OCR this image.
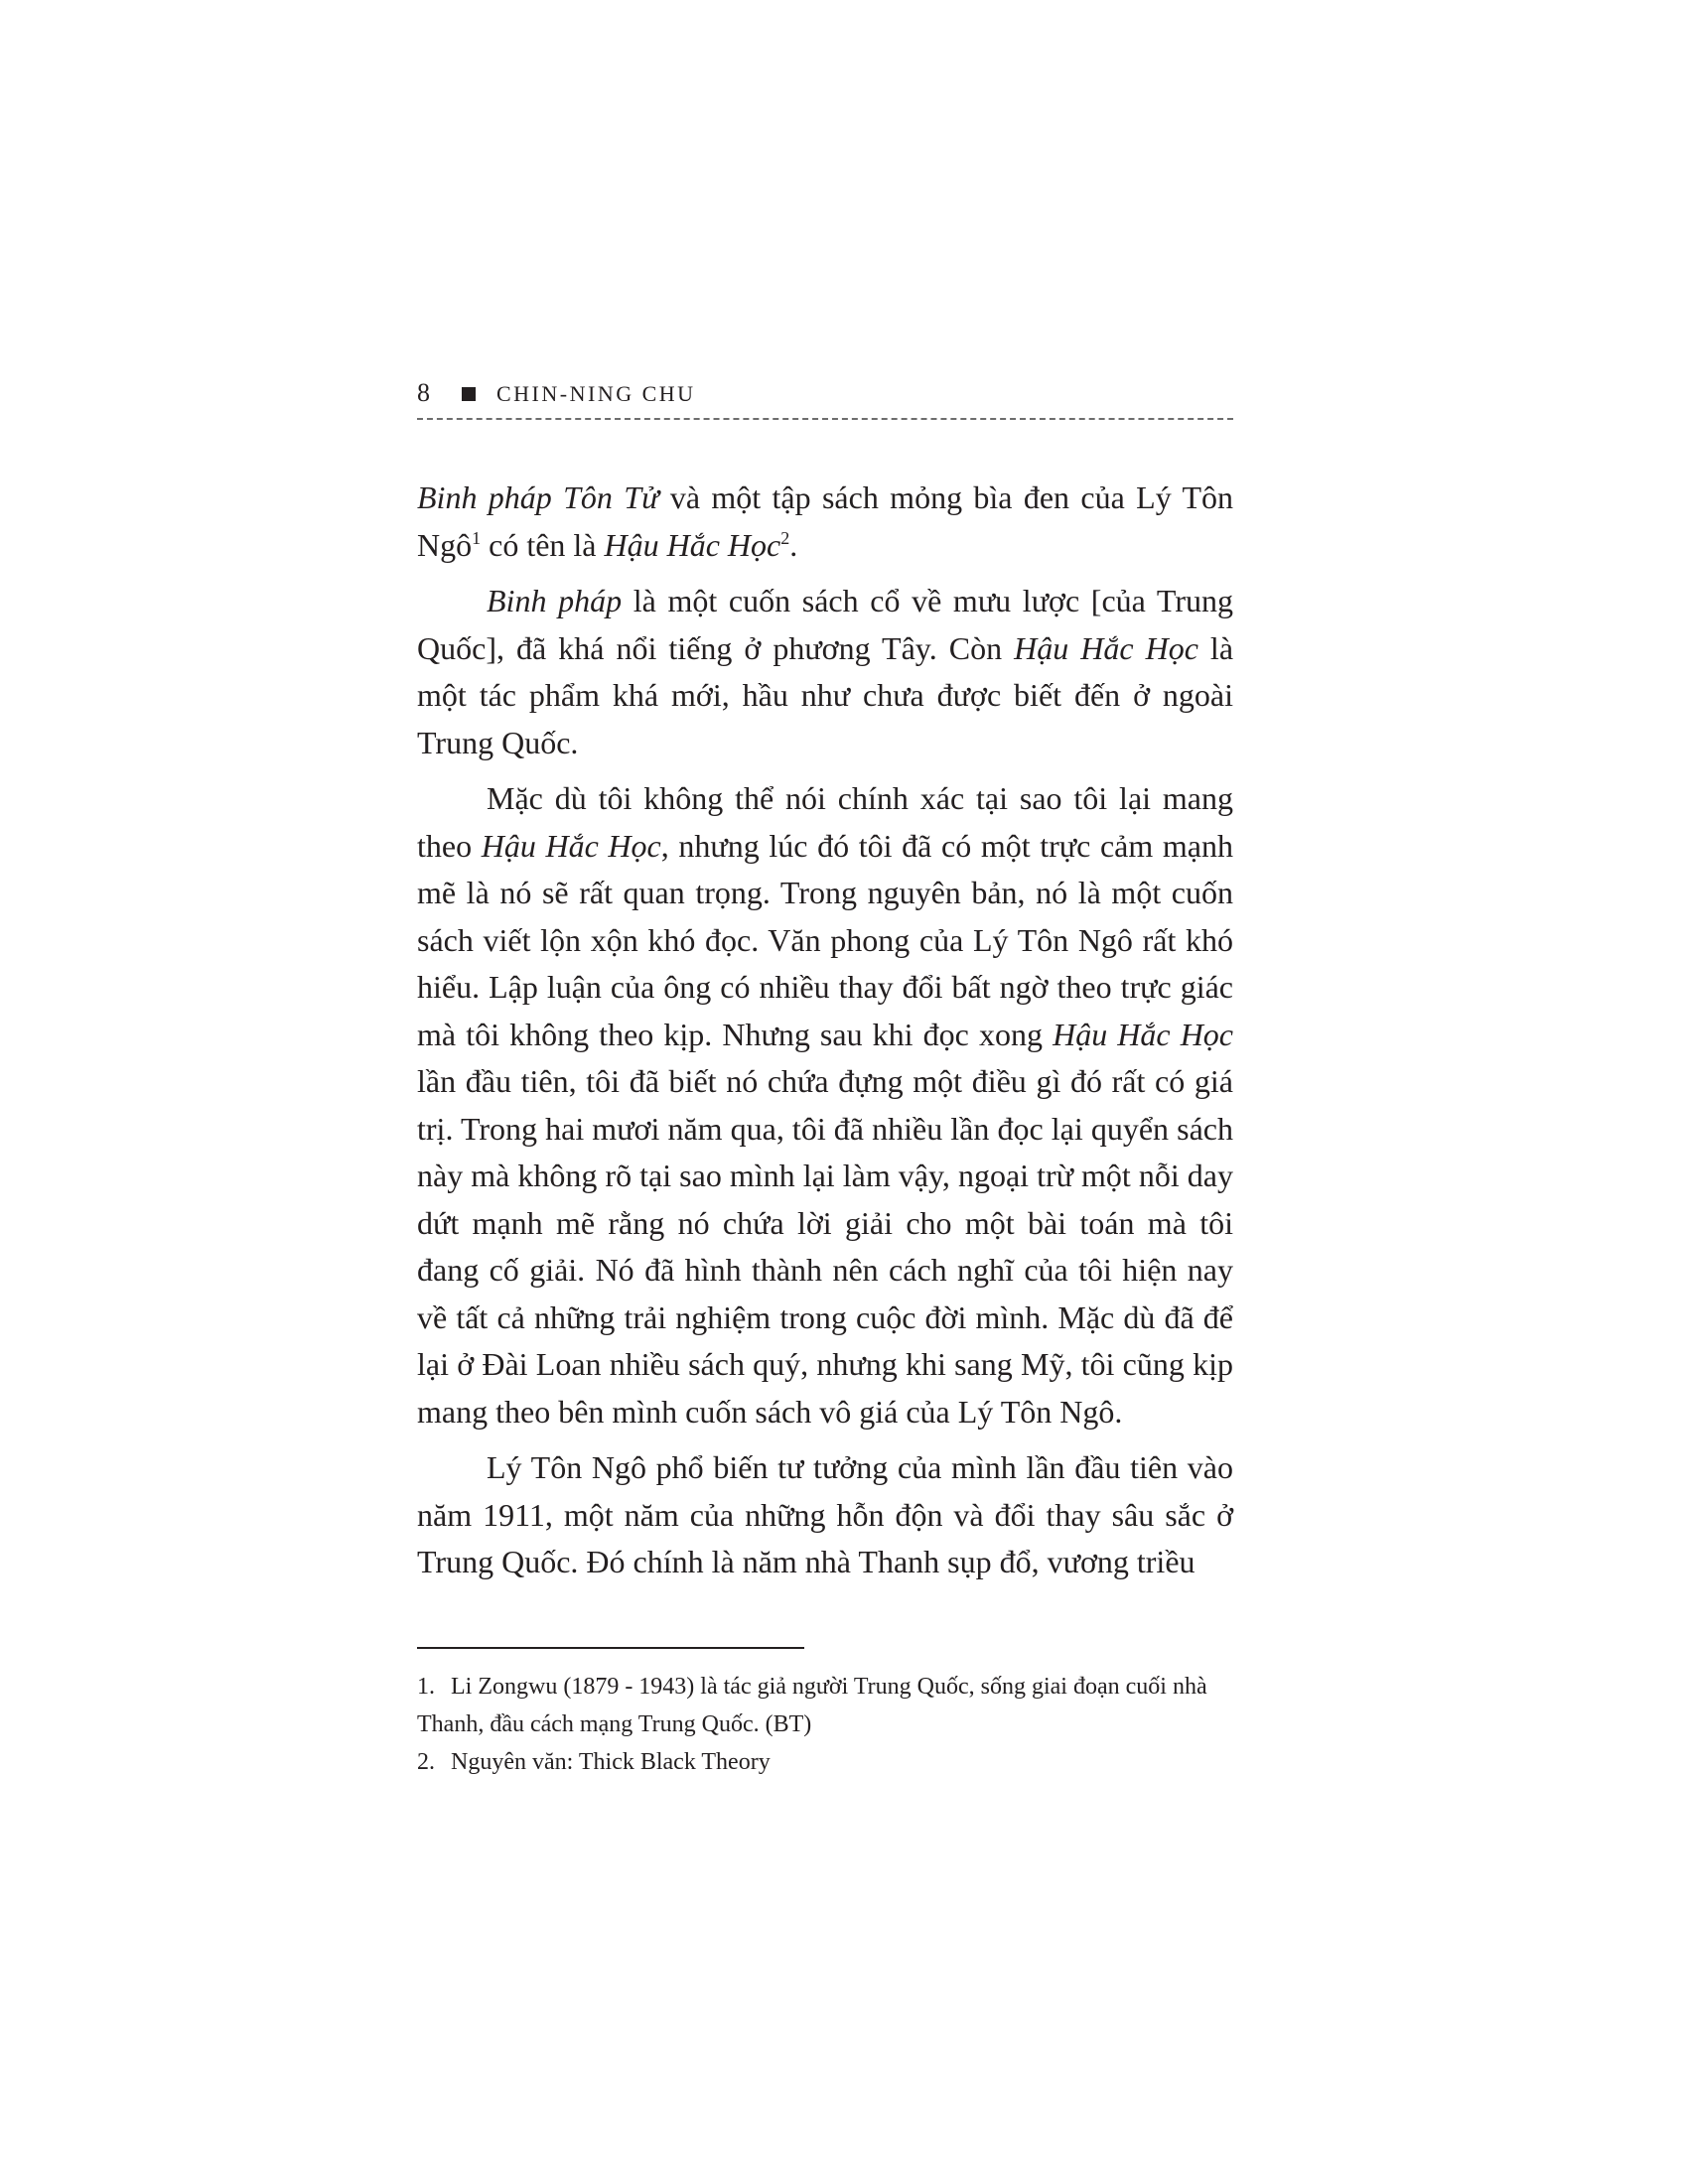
8	CHIN-NING CHU

Binh pháp Tôn Tử và một tập sách mỏng bìa đen của Lý Tôn Ngô$^1$ có tên là Hậu Hắc Học$^2$.

Binh pháp là một cuốn sách cổ về mưu lược [của Trung Quốc], đã khá nổi tiếng ở phương Tây. Còn Hậu Hắc Học là một tác phẩm khá mới, hầu như chưa được biết đến ở ngoài Trung Quốc.

Mặc dù tôi không thể nói chính xác tại sao tôi lại mang theo Hậu Hắc Học, nhưng lúc đó tôi đã có một trực cảm mạnh mẽ là nó sẽ rất quan trọng. Trong nguyên bản, nó là một cuốn sách viết lộn xộn khó đọc. Văn phong của Lý Tôn Ngô rất khó hiểu. Lập luận của ông có nhiều thay đổi bất ngờ theo trực giác mà tôi không theo kịp. Nhưng sau khi đọc xong Hậu Hắc Học lần đầu tiên, tôi đã biết nó chứa đựng một điều gì đó rất có giá trị. Trong hai mươi năm qua, tôi đã nhiều lần đọc lại quyển sách này mà không rõ tại sao mình lại làm vậy, ngoại trừ một nỗi day dứt mạnh mẽ rằng nó chứa lời giải cho một bài toán mà tôi đang cố giải. Nó đã hình thành nên cách nghĩ của tôi hiện nay về tất cả những trải nghiệm trong cuộc đời mình. Mặc dù đã để lại ở Đài Loan nhiều sách quý, nhưng khi sang Mỹ, tôi cũng kịp mang theo bên mình cuốn sách vô giá của Lý Tôn Ngô.

Lý Tôn Ngô phổ biến tư tưởng của mình lần đầu tiên vào năm 1911, một năm của những hỗn độn và đổi thay sâu sắc ở Trung Quốc. Đó chính là năm nhà Thanh sụp đổ, vương triều

1. Li Zongwu (1879 - 1943) là tác giả người Trung Quốc, sống giai đoạn cuối nhà Thanh, đầu cách mạng Trung Quốc. (BT)

2. Nguyên văn: Thick Black Theory
